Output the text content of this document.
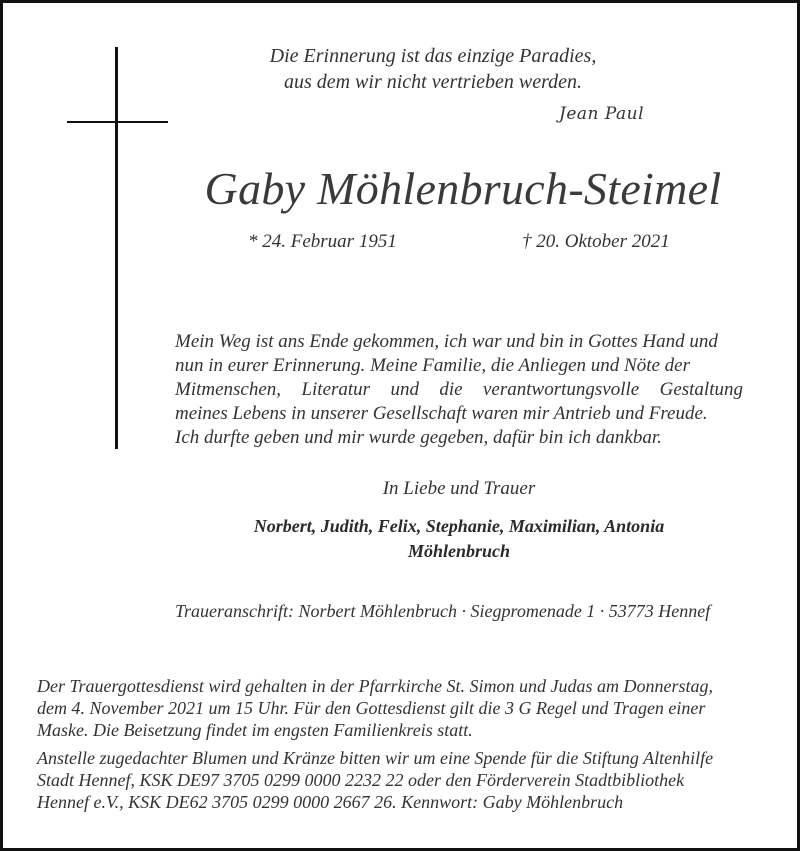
Die Erinnerung ist das einzige Paradies,
aus dem wir nicht vertrieben werden.
Jean Paul
Gaby Möhlenbruch-Steimel
* 24. Februar 1951	† 20. Oktober 2021
Mein Weg ist ans Ende gekommen, ich war und bin in Gottes Hand und
nun in eurer Erinnerung. Meine Familie, die Anliegen und Nöte der
Mitmenschen, Literatur und die verantwortungsvolle Gestaltung
meines Lebens in unserer Gesellschaft waren mir Antrieb und Freude.
Ich durfte geben und mir wurde gegeben, dafür bin ich dankbar.
In Liebe und Trauer
Norbert, Judith, Felix, Stephanie, Maximilian, Antonia
Möhlenbruch
Traueranschrift: Norbert Möhlenbruch · Siegpromenade 1 · 53773 Hennef

Der Trauergottesdienst wird gehalten in der Pfarrkirche St. Simon und Judas am Donnerstag,
dem 4. November 2021 um 15 Uhr. Für den Gottesdienst gilt die 3 G Regel und Tragen einer
Maske. Die Beisetzung findet im engsten Familienkreis statt.

Anstelle zugedachter Blumen und Kränze bitten wir um eine Spende für die Stiftung Altenhilfe
Stadt Hennef, KSK DE97 3705 0299 0000 2232 22 oder den Förderverein Stadtbibliothek
Hennef e.V., KSK DE62 3705 0299 0000 2667 26. Kennwort: Gaby Möhlenbruch
